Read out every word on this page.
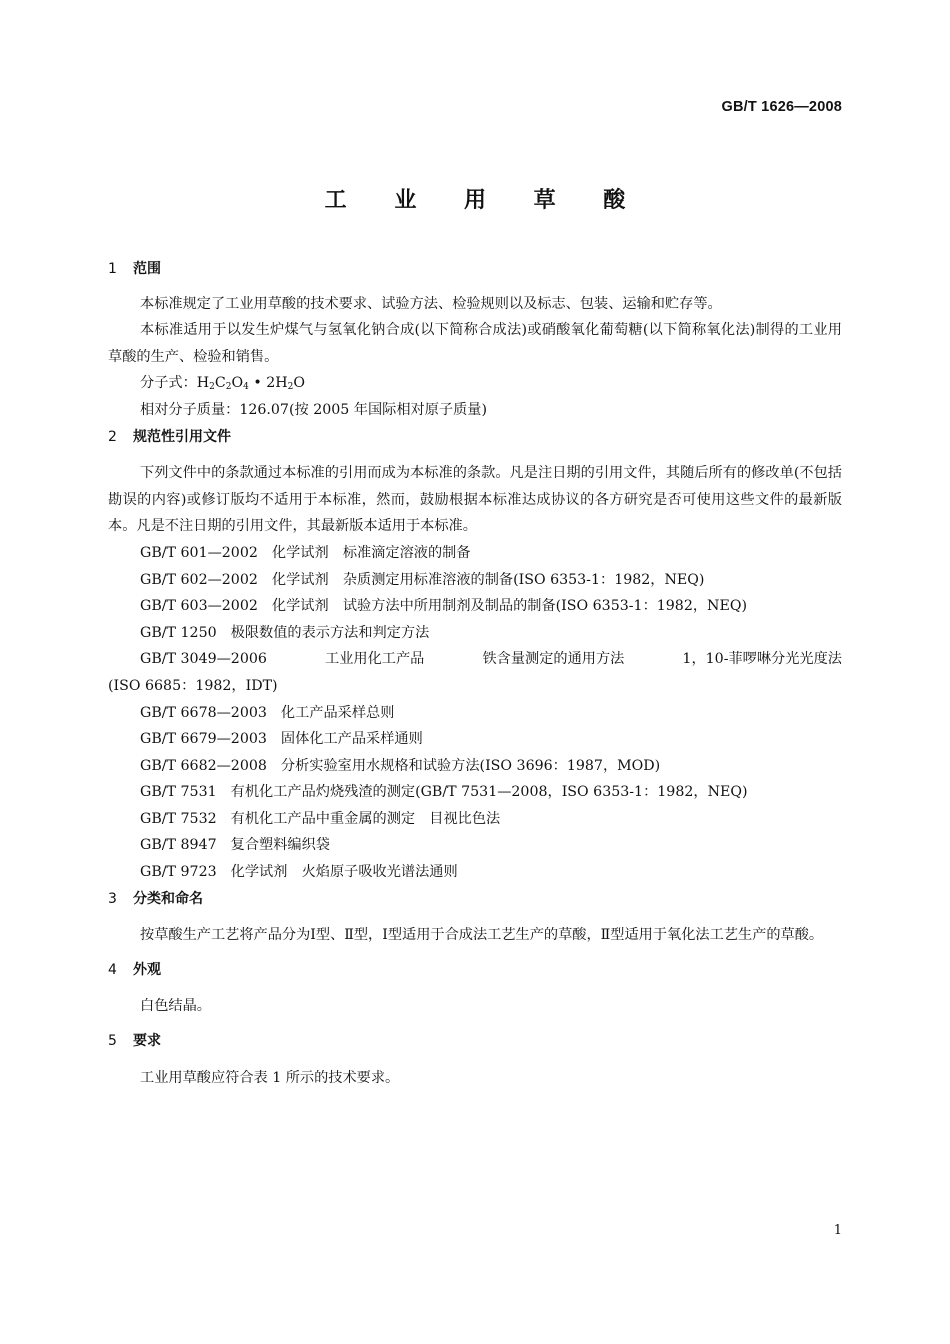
GB/T 1626—2008
工 业 用 草 酸
1 范围

本标准规定了工业用草酸的技术要求、试验方法、检验规则以及标志、包装、运输和贮存等。

本标准适用于以发生炉煤气与氢氧化钠合成(以下简称合成法)或硝酸氧化葡萄糖(以下简称氧化法)制得的工业用草酸的生产、检验和销售。

分子式：$H_2C_2O_4$ • $2H_2O$

相对分子质量：126.07(按 2005 年国际相对原子质量)

2 规范性引用文件

下列文件中的条款通过本标准的引用而成为本标准的条款。凡是注日期的引用文件，其随后所有的修改单(不包括勘误的内容)或修订版均不适用于本标准，然而，鼓励根据本标准达成协议的各方研究是否可使用这些文件的最新版本。凡是不注日期的引用文件，其最新版本适用于本标准。

GB/T 601—2002 化学试剂　标准滴定溶液的制备

GB/T 602—2002 化学试剂　杂质测定用标准溶液的制备(ISO 6353-1：1982，NEQ)

GB/T 603—2002 化学试剂　试验方法中所用制剂及制品的制备(ISO 6353-1：1982，NEQ)

GB/T 1250 极限数值的表示方法和判定方法

GB/T 3049—2006	工业用化工产品	铁含量测定的通用方法	1，10-菲啰啉分光光度法
(ISO 6685：1982，IDT)

GB/T 6678—2003 化工产品采样总则

GB/T 6679—2003 固体化工产品采样通则

GB/T 6682—2008 分析实验室用水规格和试验方法(ISO 3696：1987，MOD)

GB/T 7531 有机化工产品灼烧残渣的测定(GB/T 7531—2008，ISO 6353-1：1982，NEQ)

GB/T 7532 有机化工产品中重金属的测定　目视比色法

GB/T 8947 复合塑料编织袋

GB/T 9723 化学试剂　火焰原子吸收光谱法通则

3 分类和命名

按草酸生产工艺将产品分为Ⅰ型、Ⅱ型，Ⅰ型适用于合成法工艺生产的草酸，Ⅱ型适用于氧化法工艺生产的草酸。

4 外观

白色结晶。

5 要求

工业用草酸应符合表 1 所示的技术要求。

1
